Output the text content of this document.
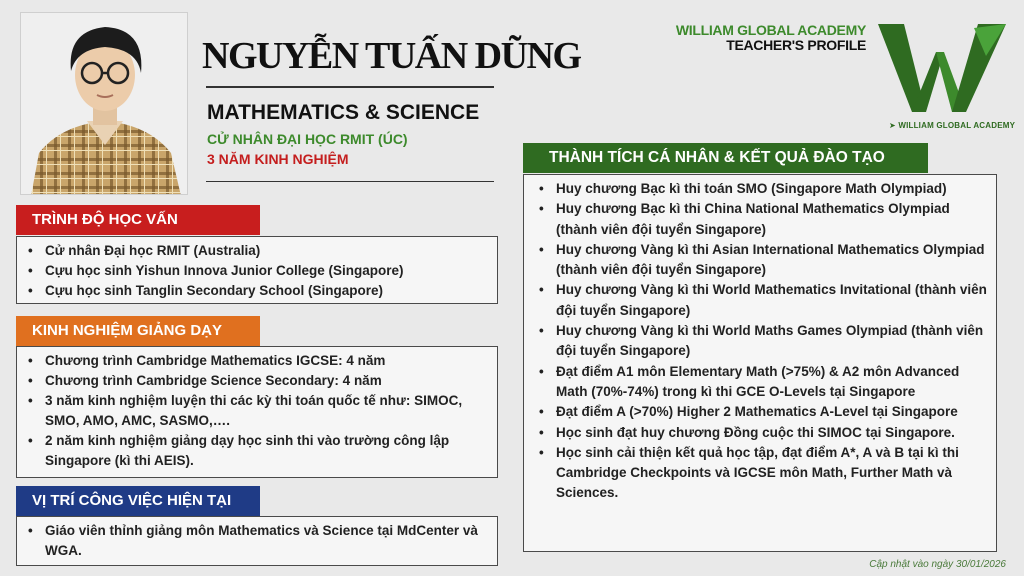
NGUYỄN TUẤN DŨNG
MATHEMATICS & SCIENCE
CỬ NHÂN ĐẠI HỌC RMIT (ÚC)
3 NĂM KINH NGHIỆM
WILLIAM GLOBAL ACADEMY
TEACHER'S PROFILE
➤ WILLIAM GLOBAL ACADEMY
TRÌNH ĐỘ HỌC VẤN
• Cử nhân Đại học RMIT (Australia)
• Cựu học sinh Yishun Innova Junior College (Singapore)
• Cựu học sinh Tanglin Secondary School (Singapore)
KINH NGHIỆM GIẢNG DẠY
• Chương trình Cambridge Mathematics IGCSE: 4 năm
• Chương trình Cambridge Science Secondary: 4 năm
• 3 năm kinh nghiệm luyện thi các kỳ thi toán quốc tế như: SIMOC, SMO, AMO, AMC, SASMO,….
• 2 năm kinh nghiệm giảng dạy học sinh thi vào trường công lập Singapore (kì thi AEIS).
VỊ TRÍ CÔNG VIỆC HIỆN TẠI
• Giáo viên thỉnh giảng môn Mathematics và Science tại MdCenter và WGA.
THÀNH TÍCH CÁ NHÂN & KẾT QUẢ ĐÀO TẠO
• Huy chương Bạc kì thi toán SMO (Singapore Math Olympiad)
• Huy chương Bạc kì thi China National Mathematics Olympiad (thành viên đội tuyển Singapore)
• Huy chương Vàng kì thi Asian International Mathematics Olympiad (thành viên đội tuyển Singapore)
• Huy chương Vàng kì thi World Mathematics Invitational (thành viên đội tuyển Singapore)
• Huy chương Vàng kì thi World Maths Games Olympiad (thành viên đội tuyển Singapore)
• Đạt điểm A1 môn Elementary Math (>75%) & A2 môn Advanced Math (70%-74%) trong kì thi GCE O-Levels tại Singapore
• Đạt điểm A (>70%) Higher 2 Mathematics A-Level tại Singapore
• Học sinh đạt huy chương Đồng cuộc thi SIMOC tại Singapore.
• Học sinh cải thiện kết quả học tập, đạt điểm A*, A và B tại kì thi Cambridge Checkpoints và IGCSE môn Math, Further Math và Sciences.
Cập nhật vào ngày 30/01/2026
